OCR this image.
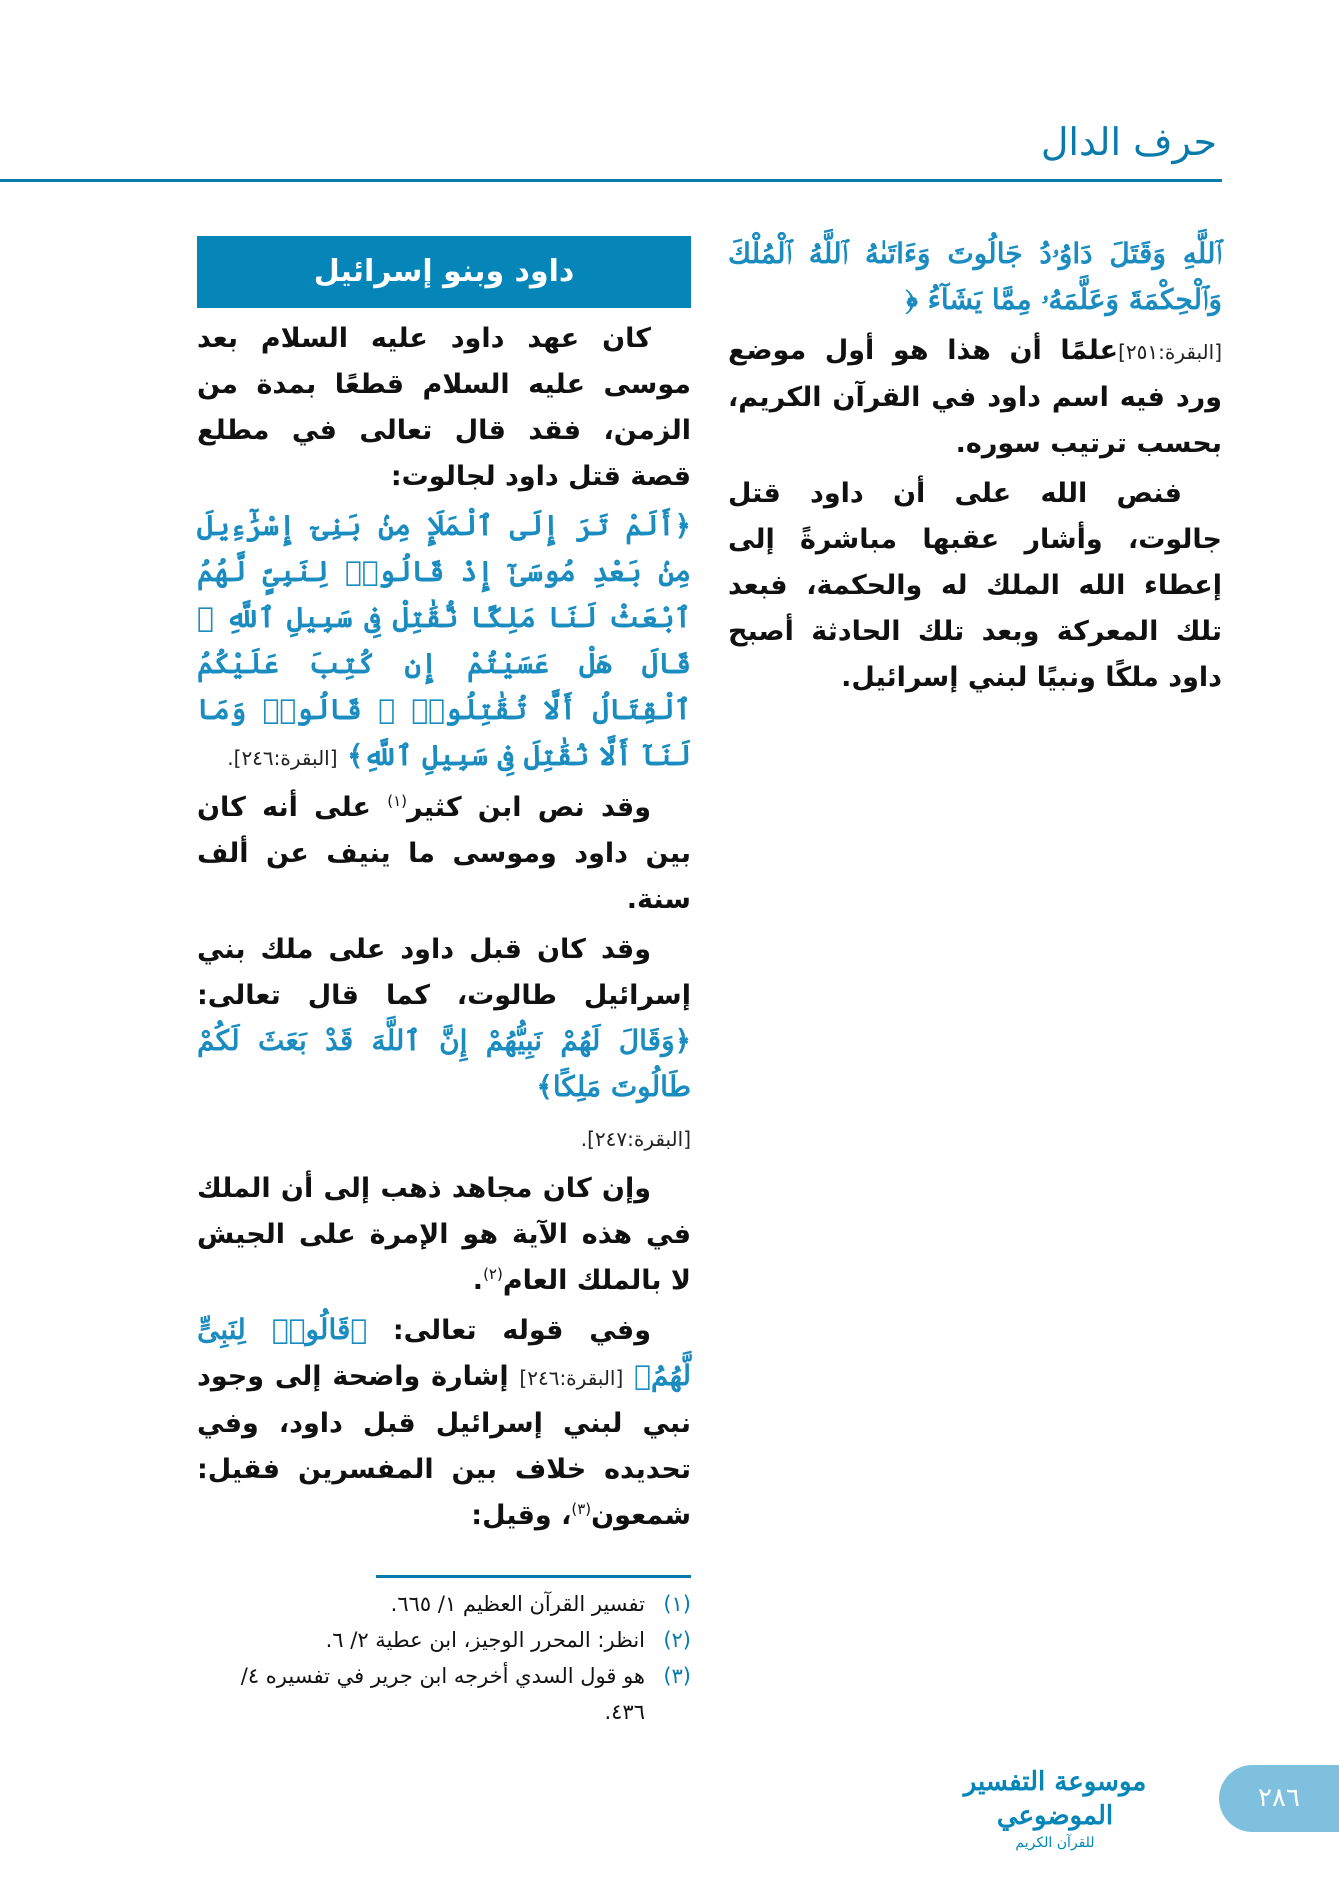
حرف الدال

ٱللَّهِ وَقَتَلَ دَاوُۥدُ جَالُوتَ وَءَاتَىٰهُ ٱللَّهُ ٱلْمُلْكَ وَٱلْحِكْمَةَ وَعَلَّمَهُۥ مِمَّا يَشَآءُ ﴿

[البقرة:٢٥١]علمًا أن هذا هو أول موضع ورد فيه اسم داود في القرآن الكريم، بحسب ترتيب سوره.

فنص الله على أن داود قتل جالوت، وأشار عقبها مباشرةً إلى إعطاء الله الملك له والحكمة، فبعد تلك المعركة وبعد تلك الحادثة أصبح داود ملكًا ونبيًا لبني إسرائيل.

داود وبنو إسرائيل

كان عهد داود عليه السلام بعد موسى عليه السلام قطعًا بمدة من الزمن، فقد قال تعالى في مطلع قصة قتل داود لجالوت:

﴿أَلَمْ تَرَ إِلَى ٱلْمَلَإِ مِنۢ بَنِىٓ إِسْرَٰٓءِيلَ مِنۢ بَعْدِ مُوسَىٰٓ إِذْ قَالُوا۟ لِنَبِىٍّ لَّهُمُ ٱبْعَثْ لَنَا مَلِكًا نُّقَٰتِلْ فِى سَبِيلِ ٱللَّهِ ۖ قَالَ هَلْ عَسَيْتُمْ إِن كُتِبَ عَلَيْكُمُ ٱلْقِتَالُ أَلَّا تُقَٰتِلُوا۟ ۖ قَالُوا۟ وَمَا لَنَآ أَلَّا نُقَٰتِلَ فِى سَبِيلِ ٱللَّهِ﴾ [البقرة:٢٤٦].

وقد نص ابن كثير$^{(١)}$ على أنه كان بين داود وموسى ما ينيف عن ألف سنة.

وقد كان قبل داود على ملك بني إسرائيل طالوت، كما قال تعالى: ﴿وَقَالَ لَهُمْ نَبِيُّهُمْ إِنَّ ٱللَّهَ قَدْ بَعَثَ لَكُمْ طَالُوتَ مَلِكًا﴾

[البقرة:٢٤٧].

وإن كان مجاهد ذهب إلى أن الملك في هذه الآية هو الإمرة على الجيش لا بالملك العام$^{(٢)}$.

وفي قوله تعالى: ﴿قَالُوا۟ لِنَبِىٍّ لَّهُمُ﴾ [البقرة:٢٤٦] إشارة واضحة إلى وجود نبي لبني إسرائيل قبل داود، وفي تحديده خلاف بين المفسرين فقيل: شمعون$^{(٣)}$، وقيل:

(١)
تفسير القرآن العظيم ١/ ٦٦٥.
(٢)
انظر: المحرر الوجيز، ابن عطية ٢/ ٦.
(٣)
هو قول السدي أخرجه ابن جرير في تفسيره ٤/ ٤٣٦.
موسوعة التفسير الموضوعي
للقرآن الكريم
٢٨٦
